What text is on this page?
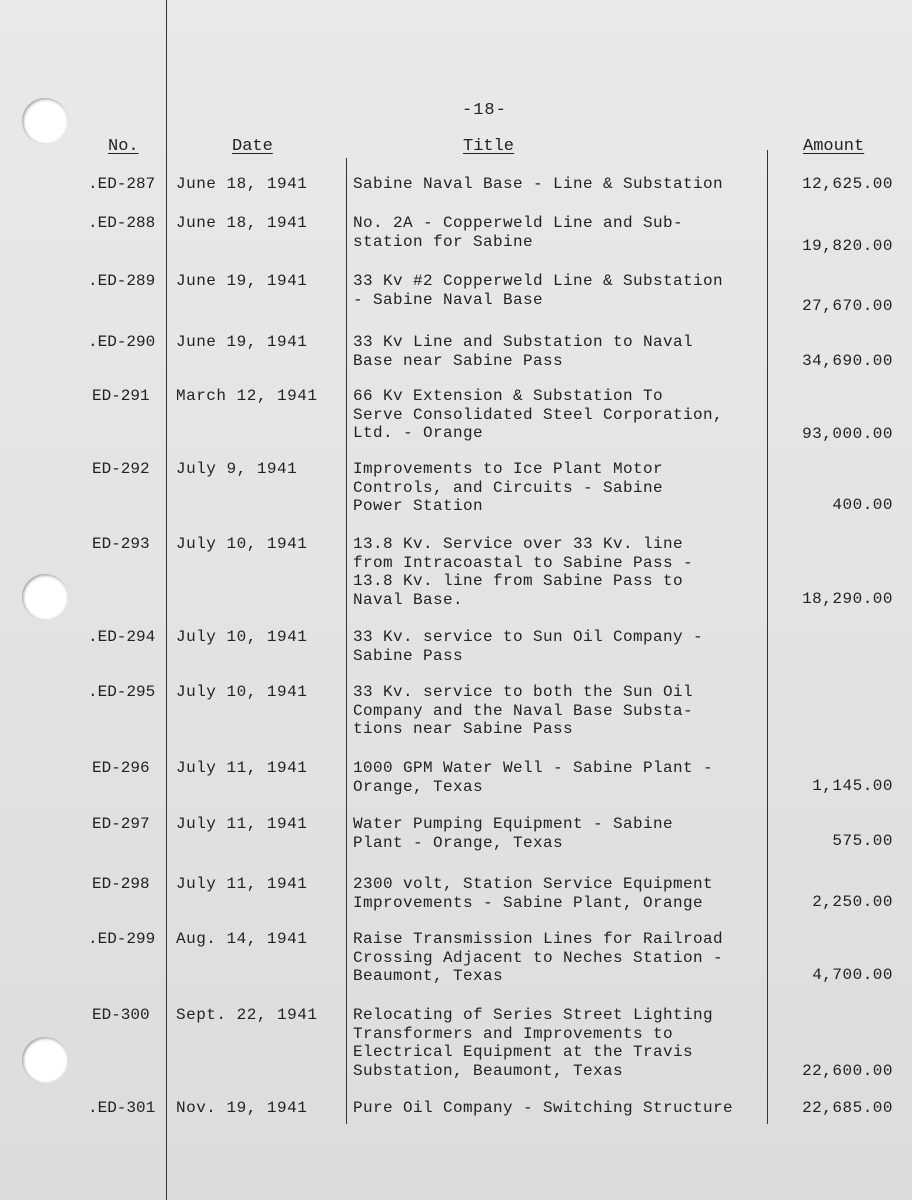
-18-
No.	Date	Title	Amount
.ED-287 June 18, 1941	Sabine Naval Base - Line & Substation	12,625.00
.ED-288 June 18, 1941	No. 2A - Copperweld Line and Sub-
station for Sabine	19,820.00
.ED-289 June 19, 1941	33 Kv #2 Copperweld Line & Substation
- Sabine Naval Base	27,670.00
.ED-290 June 19, 1941	33 Kv Line and Substation to Naval
Base near Sabine Pass	34,690.00
ED-291 March 12, 1941 66 Kv Extension & Substation To
Serve Consolidated Steel Corporation,
Ltd. - Orange	93,000.00
ED-292 July 9, 1941	Improvements to Ice Plant Motor
Controls, and Circuits - Sabine
Power Station	400.00
ED-293 July 10, 1941	13.8 Kv. Service over 33 Kv. line
from Intracoastal to Sabine Pass -
13.8 Kv. line from Sabine Pass to
Naval Base.	18,290.00
.ED-294 July 10, 1941	33 Kv. service to Sun Oil Company -
Sabine Pass
.ED-295 July 10, 1941	33 Kv. service to both the Sun Oil
Company and the Naval Base Substa-
tions near Sabine Pass
ED-296 July 11, 1941	1000 GPM Water Well - Sabine Plant -
Orange, Texas	1,145.00
ED-297 July 11, 1941	Water Pumping Equipment - Sabine
Plant - Orange, Texas	575.00
ED-298 July 11, 1941	2300 volt, Station Service Equipment
Improvements - Sabine Plant, Orange	2,250.00
.ED-299 Aug. 14, 1941	Raise Transmission Lines for Railroad
Crossing Adjacent to Neches Station -
Beaumont, Texas	4,700.00
ED-300 Sept. 22, 1941 Relocating of Series Street Lighting
Transformers and Improvements to
Electrical Equipment at the Travis
Substation, Beaumont, Texas	22,600.00
.ED-301 Nov. 19, 1941	Pure Oil Company - Switching Structure	22,685.00
